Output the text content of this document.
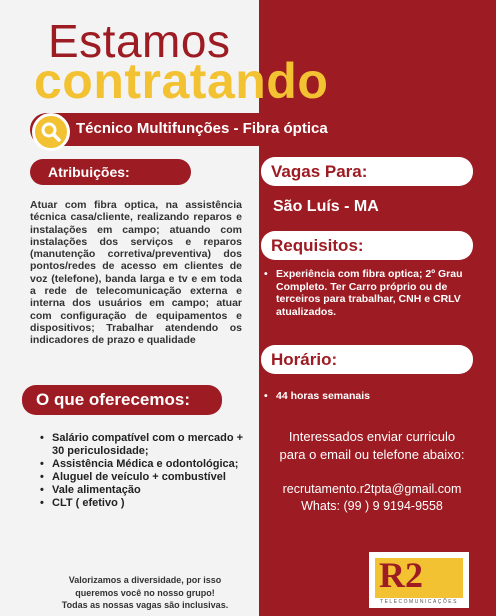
Estamos
contratando
Técnico Multifunções - Fibra óptica
Atribuições:
Atuar com fibra optica, na assistência técnica casa/cliente, realizando reparos e instalações em campo; atuando com instalações dos serviços e reparos (manutenção corretiva/preventiva) dos pontos/redes de acesso em clientes de voz (telefone), banda larga e tv e em toda a rede de telecomunicação externa e interna dos usuários em campo; atuar com configuração de equipamentos e dispositivos; Trabalhar atendendo os indicadores de prazo e qualidade
O que oferecemos:
• Salário compatível com o mercado + 30 periculosidade;
• Assistência Médica e odontológica;
• Aluguel de veículo + combustível
• Vale alimentação
• CLT ( efetivo )
Vagas Para:
São Luís - MA
Requisitos:
• Experiência com fibra optica; 2º Grau Completo. Ter Carro próprio ou de terceiros para trabalhar, CNH e CRLV atualizados.
Horário:
• 44 horas semanais
Interessados enviar curriculo
para o email ou telefone abaixo:
recrutamento.r2tpta@gmail.com
Whats: (99 ) 9 9194-9558
Valorizamos a diversidade, por isso
queremos você no nosso grupo!
Todas as nossas vagas são inclusivas.
R2
TELECOMUNICAÇÕES
